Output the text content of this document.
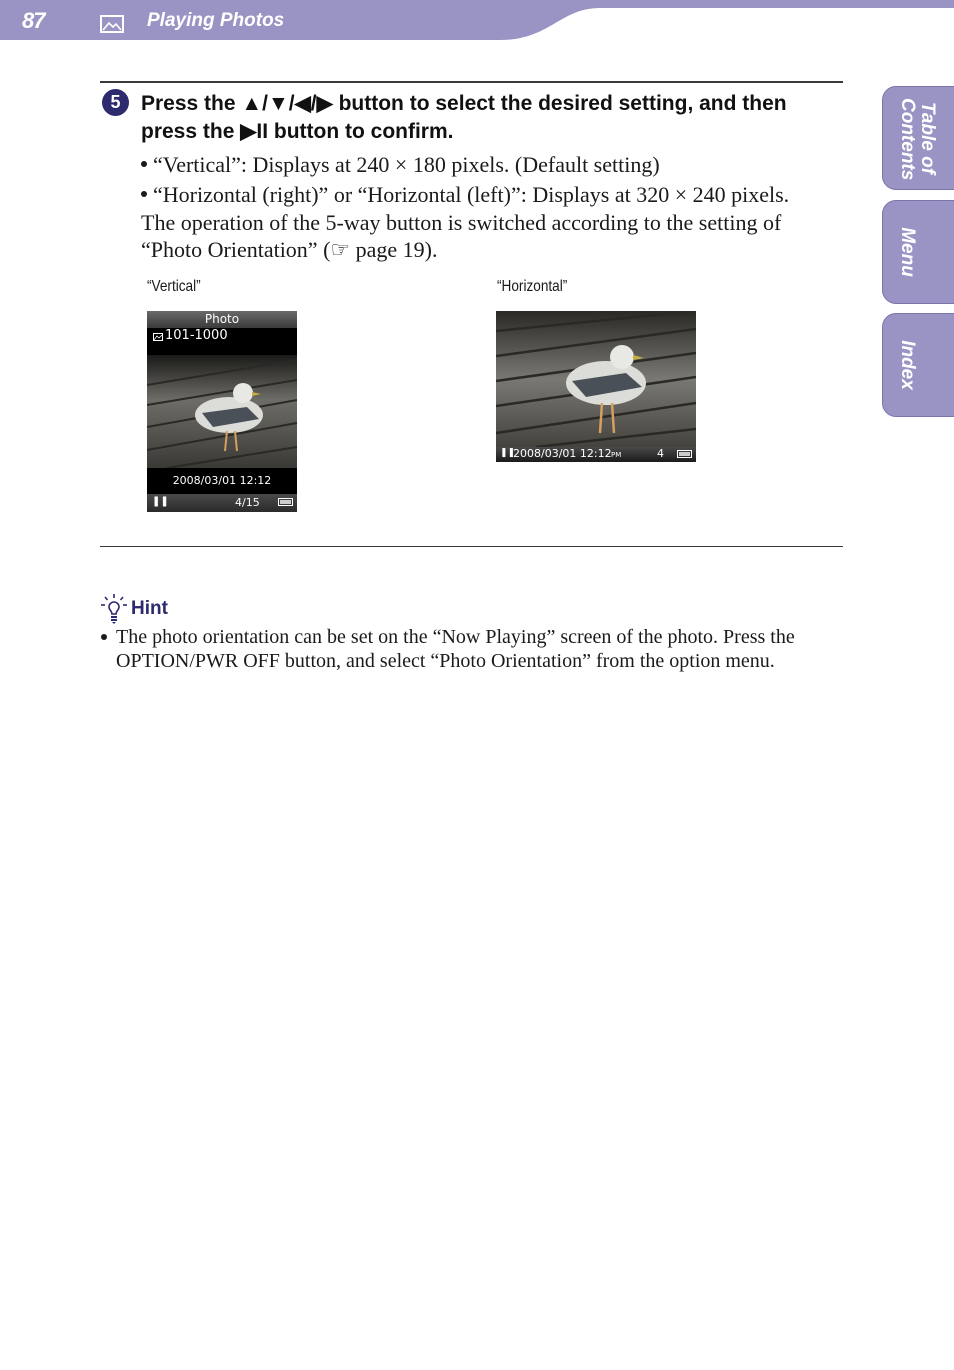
87	Playing Photos
Table of Contents
Menu
Index
5 Press the ▲/▼/◀/▶ button to select the desired setting, and then
press the ▶II button to confirm.
“Vertical”: Displays at 240 × 180 pixels. (Default setting)
“Horizontal (right)” or “Horizontal (left)”: Displays at 320 × 240 pixels.
The operation of the 5-way button is switched according to the setting of
“Photo Orientation” (☞ page 19).
“Vertical”	“Horizontal”
Photo
101-1000
2008/03/01 12:12
❚❚	4/15
❚❚
2008/03/01 12:12 PM	4
Hint
The photo orientation can be set on the “Now Playing” screen of the photo. Press the
OPTION/PWR OFF button, and select “Photo Orientation” from the option menu.
